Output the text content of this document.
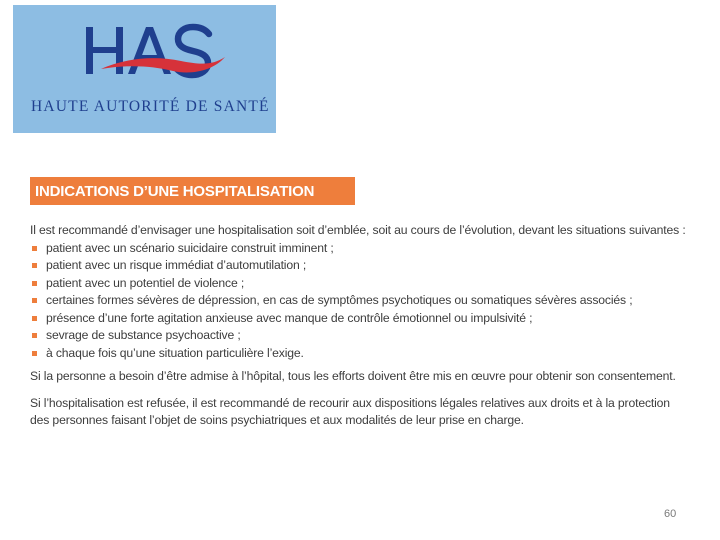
HAUTE AUTORITÉ DE SANTÉ
INDICATIONS D’UNE HOSPITALISATION

Il est recommandé d’envisager une hospitalisation soit d’emblée, soit au cours de l’évolution, devant les situations suivantes :

patient avec un scénario suicidaire construit imminent ;
patient avec un risque immédiat d’automutilation ;
patient avec un potentiel de violence ;
certaines formes sévères de dépression, en cas de symptômes psychotiques ou somatiques sévères associés ;
présence d’une forte agitation anxieuse avec manque de contrôle émotionnel ou impulsivité ;
sevrage de substance psychoactive ;
à chaque fois qu’une situation particulière l’exige.

Si la personne a besoin d’être admise à l’hôpital, tous les efforts doivent être mis en œuvre pour obtenir son consentement.

Si l’hospitalisation est refusée, il est recommandé de recourir aux dispositions légales relatives aux droits et à la protection

des personnes faisant l’objet de soins psychiatriques et aux modalités de leur prise en charge.

60
